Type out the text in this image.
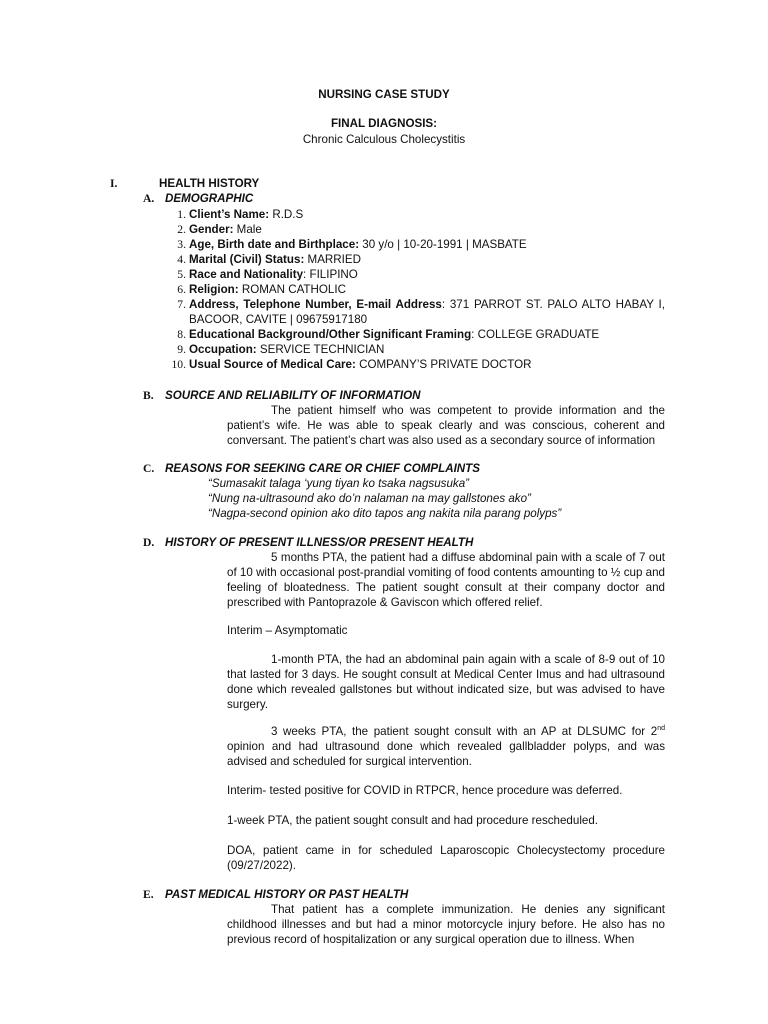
NURSING CASE STUDY
FINAL DIAGNOSIS:
Chronic Calculous Cholecystitis
I.	HEALTH HISTORY
A. DEMOGRAPHIC
1. Client’s Name: R.D.S
2. Gender: Male
3. Age, Birth date and Birthplace: 30 y/o | 10-20-1991 | MASBATE
4. Marital (Civil) Status: MARRIED
5. Race and Nationality: FILIPINO
6. Religion: ROMAN CATHOLIC
7. Address, Telephone Number, E-mail Address: 371 PARROT ST. PALO ALTO HABAY I, BACOOR, CAVITE | 09675917180
8. Educational Background/Other Significant Framing: COLLEGE GRADUATE
9. Occupation: SERVICE TECHNICIAN
10. Usual Source of Medical Care: COMPANY’S PRIVATE DOCTOR
B. SOURCE AND RELIABILITY OF INFORMATION

The patient himself who was competent to provide information and the patient’s wife. He was able to speak clearly and was conscious, coherent and conversant. The patient’s chart was also used as a secondary source of information

C. REASONS FOR SEEKING CARE OR CHIEF COMPLAINTS
“Sumasakit talaga ‘yung tiyan ko tsaka nagsusuka”
“Nung na-ultrasound ako do’n nalaman na may gallstones ako”
“Nagpa-second opinion ako dito tapos ang nakita nila parang polyps”
D. HISTORY OF PRESENT ILLNESS/OR PRESENT HEALTH

5 months PTA, the patient had a diffuse abdominal pain with a scale of 7 out of 10 with occasional post-prandial vomiting of food contents amounting to ½ cup and feeling of bloatedness. The patient sought consult at their company doctor and prescribed with Pantoprazole & Gaviscon which offered relief.

Interim – Asymptomatic

1-month PTA, the had an abdominal pain again with a scale of 8-9 out of 10 that lasted for 3 days. He sought consult at Medical Center Imus and had ultrasound done which revealed gallstones but without indicated size, but was advised to have surgery.

3 weeks PTA, the patient sought consult with an AP at DLSUMC for 2nd opinion and had ultrasound done which revealed gallbladder polyps, and was advised and scheduled for surgical intervention.

Interim- tested positive for COVID in RTPCR, hence procedure was deferred.

1-week PTA, the patient sought consult and had procedure rescheduled.

DOA, patient came in for scheduled Laparoscopic Cholecystectomy procedure (09/27/2022).

E. PAST MEDICAL HISTORY OR PAST HEALTH

That patient has a complete immunization. He denies any significant childhood illnesses and but had a minor motorcycle injury before. He also has no previous record of hospitalization or any surgical operation due to illness. When
